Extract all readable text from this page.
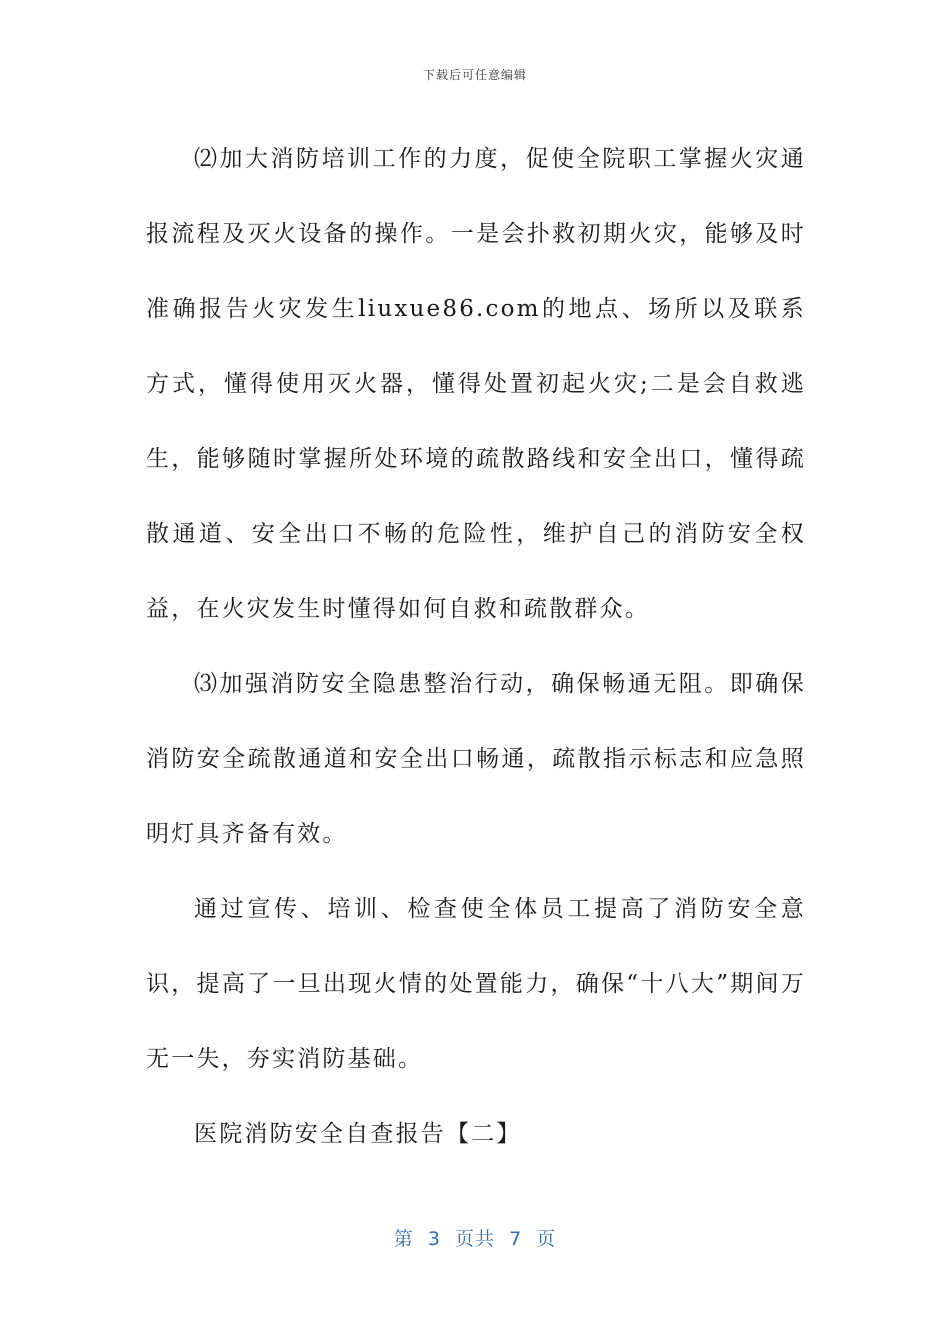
下载后可任意编辑

⑵加大消防培训工作的力度，促使全院职工掌握火灾通报流程及灭火设备的操作。一是会扑救初期火灾，能够及时准确报告火灾发生liuxue86.com的地点、场所以及联系方式，懂得使用灭火器，懂得处置初起火灾;二是会自救逃生，能够随时掌握所处环境的疏散路线和安全出口，懂得疏散通道、安全出口不畅的危险性，维护自己的消防安全权益，在火灾发生时懂得如何自救和疏散群众。

⑶加强消防安全隐患整治行动，确保畅通无阻。即确保消防安全疏散通道和安全出口畅通，疏散指示标志和应急照明灯具齐备有效。

通过宣传、培训、检查使全体员工提高了消防安全意识，提高了一旦出现火情的处置能力，确保“十八大”期间万无一失，夯实消防基础。

医院消防安全自查报告【二】

第  3  页共  7  页
